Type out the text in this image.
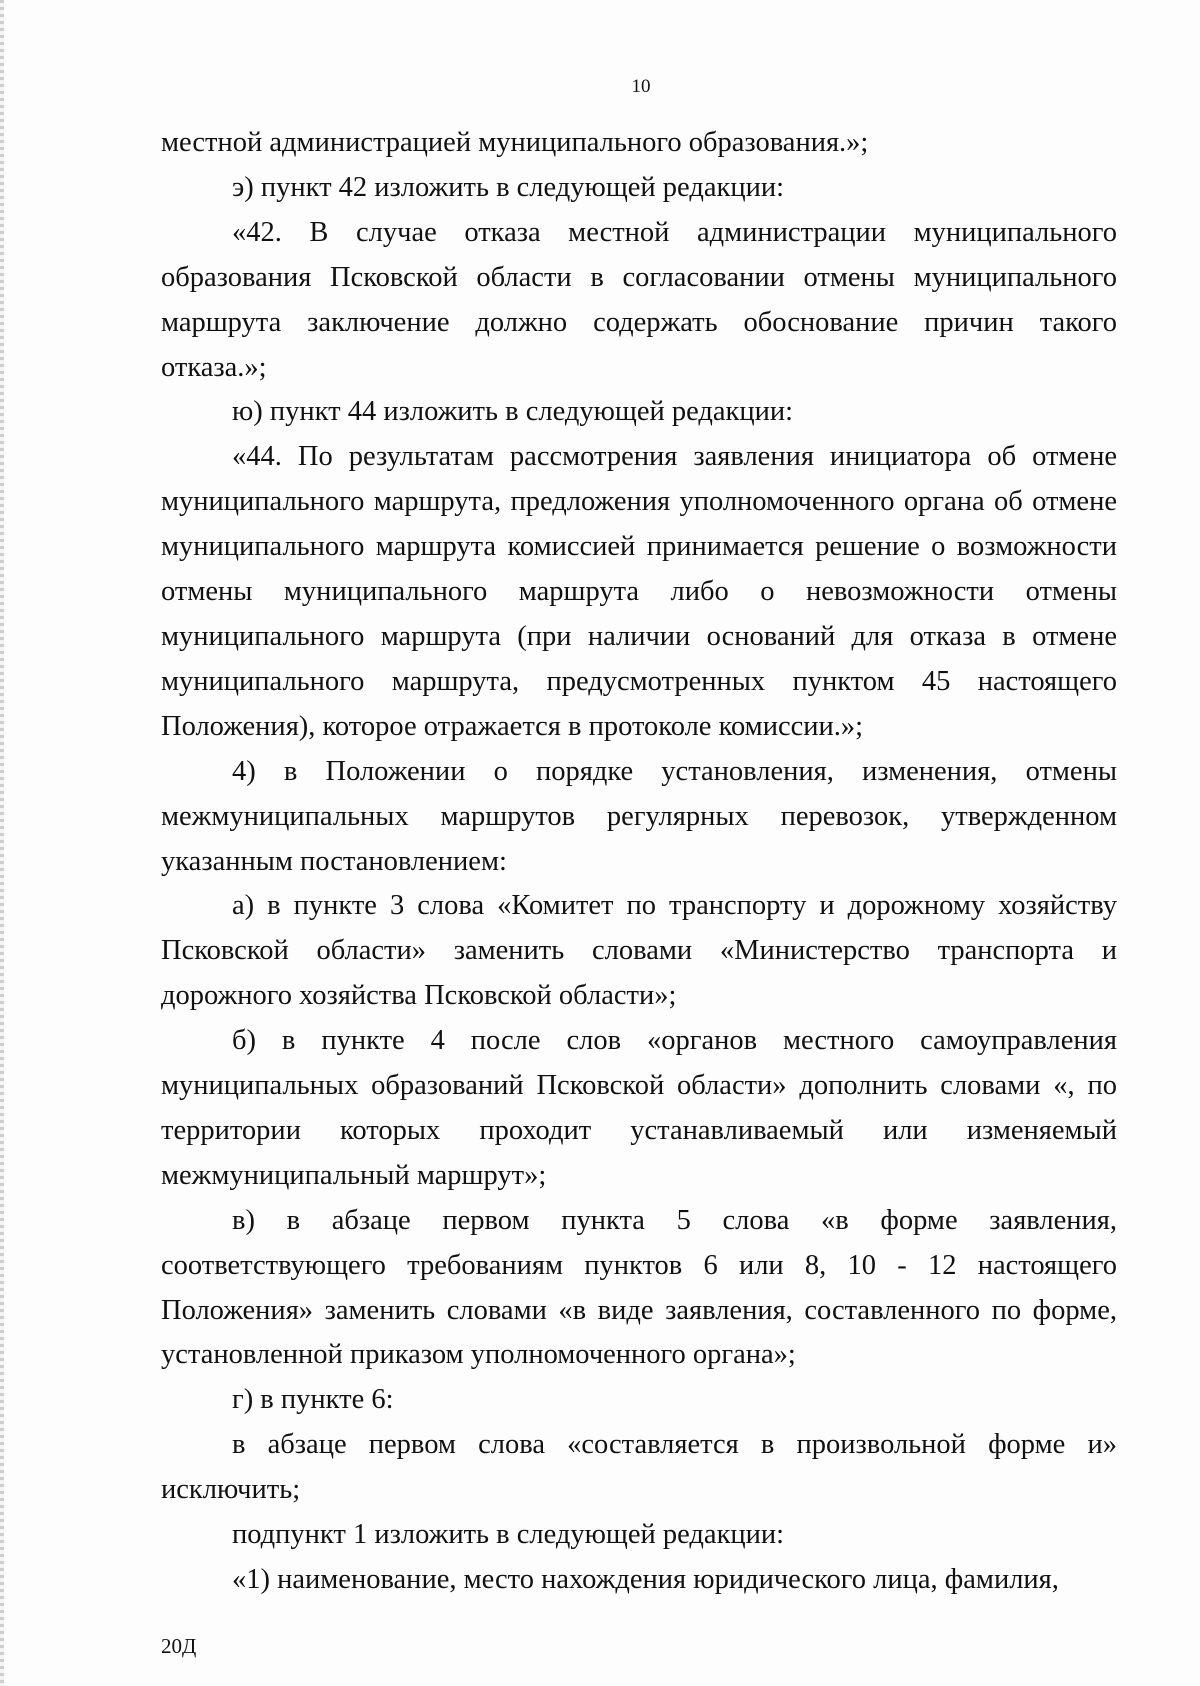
10

местной администрацией муниципального образования.»;

э) пункт 42 изложить в следующей редакции:

«42. В случае отказа местной администрации муниципального образования Псковской области в согласовании отмены муниципального маршрута заключение должно содержать обоснование причин такого отказа.»;

ю) пункт 44 изложить в следующей редакции:

«44. По результатам рассмотрения заявления инициатора об отмене муниципального маршрута, предложения уполномоченного органа об отмене муниципального маршрута комиссией принимается решение о возможности отмены муниципального маршрута либо о невозможности отмены муниципального маршрута (при наличии оснований для отказа в отмене муниципального маршрута, предусмотренных пунктом 45 настоящего Положения), которое отражается в протоколе комиссии.»;

4) в Положении о порядке установления, изменения, отмены межмуниципальных маршрутов регулярных перевозок, утвержденном указанным постановлением:

а) в пункте 3 слова «Комитет по транспорту и дорожному хозяйству Псковской области» заменить словами «Министерство транспорта и дорожного хозяйства Псковской области»;

б) в пункте 4 после слов «органов местного самоуправления муниципальных образований Псковской области» дополнить словами «, по территории которых проходит устанавливаемый или изменяемый межмуниципальный маршрут»;

в) в абзаце первом пункта 5 слова «в форме заявления, соответствующего требованиям пунктов 6 или 8, 10 - 12 настоящего Положения» заменить словами «в виде заявления, составленного по форме, установленной приказом уполномоченного органа»;

г) в пункте 6:

в абзаце первом слова «составляется в произвольной форме и» исключить;

подпункт 1 изложить в следующей редакции:

«1) наименование, место нахождения юридического лица, фамилия,

20Д
